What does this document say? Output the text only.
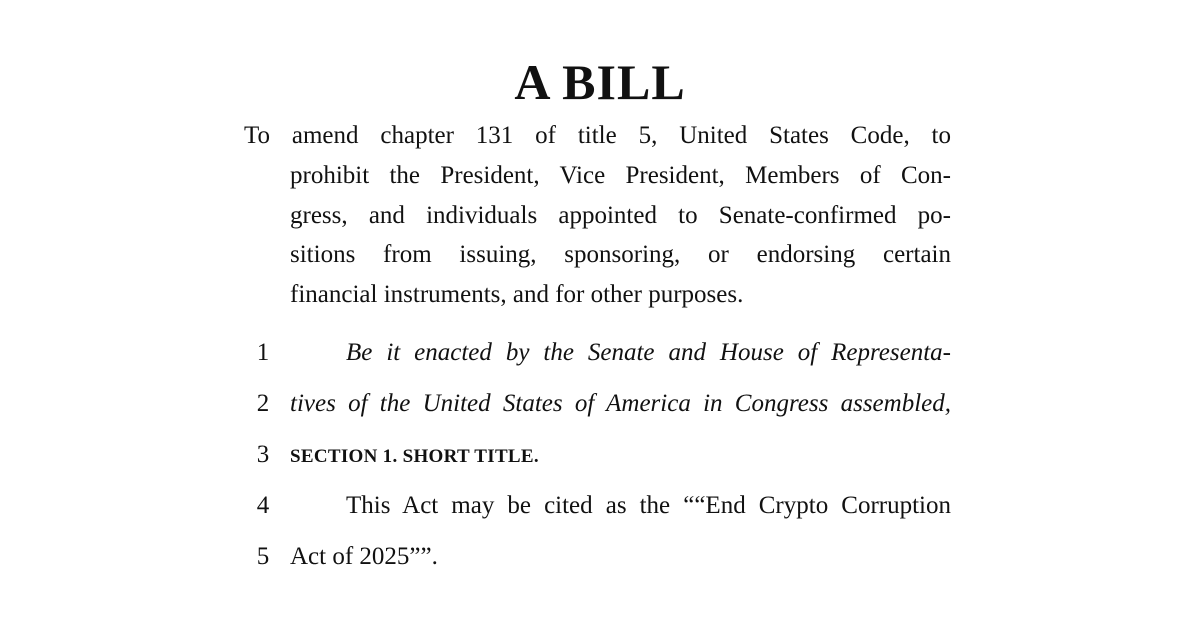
A BILL

To amend chapter 131 of title 5, United States Code, to

prohibit the President, Vice President, Members of Con-

gress, and individuals appointed to Senate-confirmed po-

sitions from issuing, sponsoring, or endorsing certain

financial instruments, and for other purposes.

1	Be it enacted by the Senate and House of Representa-
2 tives of the United States of America in Congress assembled,
3	SECTION 1. SHORT TITLE.
4	This Act may be cited as the ““End Crypto Corruption
5 Act of 2025””.
